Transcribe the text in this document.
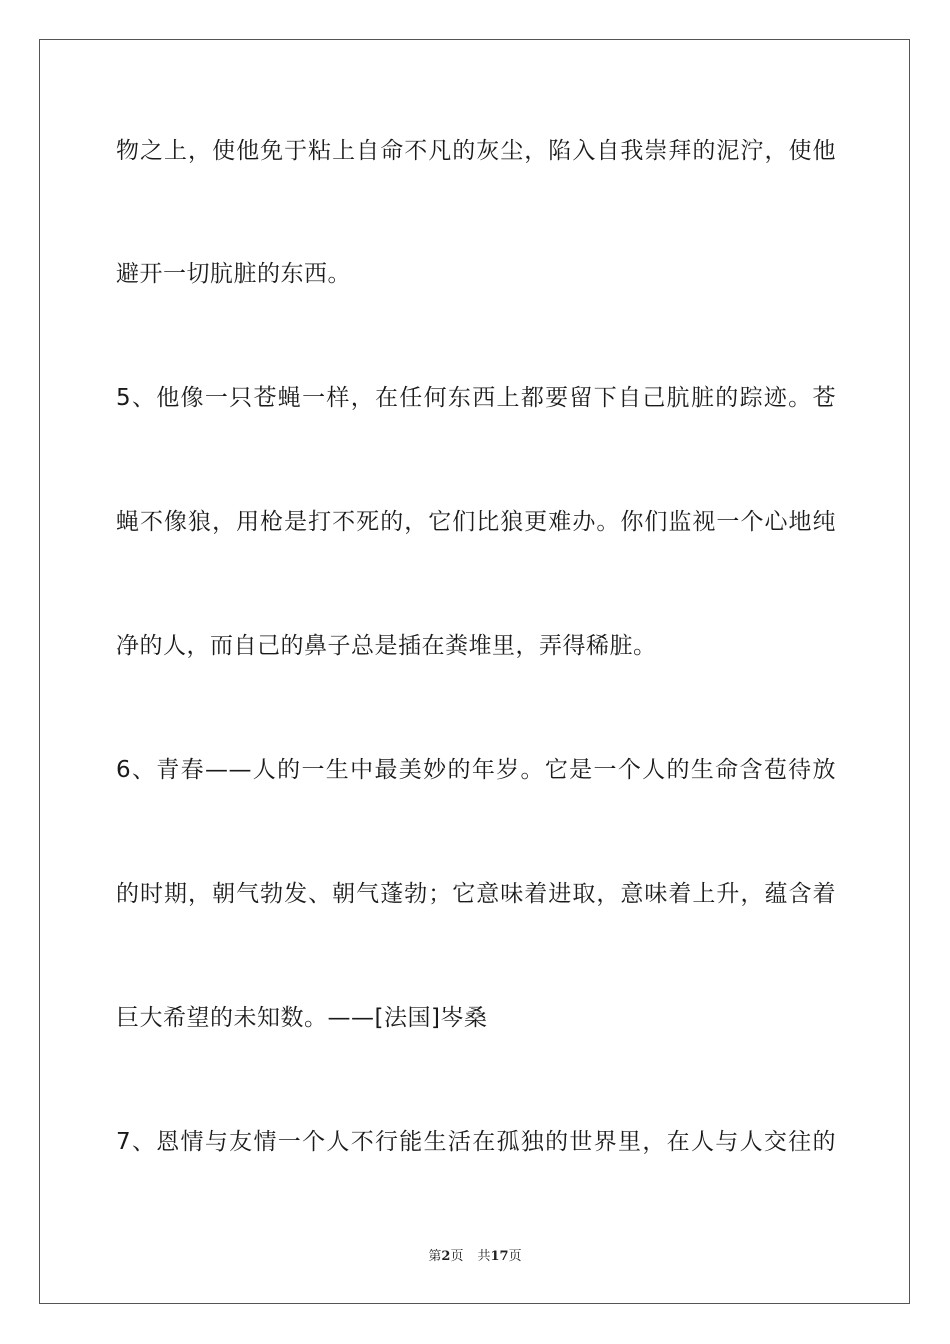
物之上，使他免于粘上自命不凡的灰尘，陷入自我崇拜的泥泞，使他
避开一切肮脏的东西。
5、他像一只苍蝇一样，在任何东西上都要留下自己肮脏的踪迹。苍
蝇不像狼，用枪是打不死的，它们比狼更难办。你们监视一个心地纯
净的人，而自己的鼻子总是插在粪堆里，弄得稀脏。
6、青春——人的一生中最美妙的年岁。它是一个人的生命含苞待放
的时期，朝气勃发、朝气蓬勃；它意味着进取，意味着上升，蕴含着
巨大希望的未知数。——[法国]岑桑
7、恩情与友情一个人不行能生活在孤独的世界里，在人与人交往的
第2页 共17页
